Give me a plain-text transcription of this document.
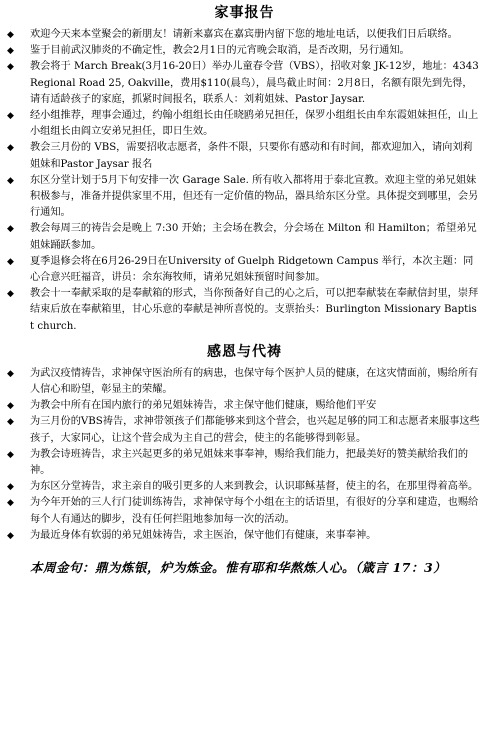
家事报告
◆ 欢迎今天来本堂聚会的新朋友！请新来嘉宾在嘉宾册内留下您的地址电话，以便我们日后联络。
◆ 鉴于目前武汉肺炎的不确定性，教会2月1日的元宵晚会取消，是否改期，另行通知。
◆ 教会将于 March Break(3月16-20日）举办儿童春令营（VBS），招收对象 JK-12岁，地址：4343 Regional Road 25, Oakville，费用$110(晨鸟），晨鸟截止时间：2月8日，名额有限先到先得，请有适龄孩子的家庭，抓紧时间报名，联系人：刘莉姐妹、Pastor Jaysar.
◆ 经小组推荐，理事会通过，约翰小组组长由任晓鸥弟兄担任，保罗小组组长由牟东霞姐妹担任，山上小组组长由阎立安弟兄担任，即日生效。
◆ 教会三月份的 VBS，需要招收志愿者，条件不限，只要你有感动和有时间，都欢迎加入，请向刘莉姐妹和Pastor Jaysar 报名
◆ 东区分堂计划于5月下旬安排一次 Garage Sale. 所有收入都将用于泰北宣教。欢迎主堂的弟兄姐妹积极参与，准备并提供家里不用，但还有一定价值的物品，器具给东区分堂。具体提交到哪里，会另行通知。
◆ 教会每周三的祷告会是晚上 7:30 开始；主会场在教会，分会场在 Milton 和 Hamilton；希望弟兄姐妹踊跃参加。
◆ 夏季退修会将在6月26-29日在University of Guelph Ridgetown Campus 举行，本次主题：同心合意兴旺福音，讲员：余东海牧师，请弟兄姐妹预留时间参加。
◆ 教会十一奉献采取的是奉献箱的形式，当你预备好自己的心之后，可以把奉献装在奉献信封里，崇拜结束后放在奉献箱里，甘心乐意的奉献是神所喜悦的。支票抬头：Burlington Missionary Baptist church.
感恩与代祷
◆ 为武汉疫情祷告，求神保守医治所有的病患，也保守每个医护人员的健康，在这灾情面前，赐给所有人信心和盼望，彰显主的荣耀。
◆ 为教会中所有在国内旅行的弟兄姐妹祷告，求主保守他们健康，赐给他们平安
◆ 为三月份的VBS祷告，求神带领孩子们都能够来到这个营会，也兴起足够的同工和志愿者来服事这些孩子，大家同心，让这个营会成为主自己的营会，使主的名能够得到彰显。
◆ 为教会诗班祷告，求主兴起更多的弟兄姐妹来事奉神，赐给我们能力，把最美好的赞美献给我们的神。
◆ 为东区分堂祷告，求主亲自的吸引更多的人来到教会，认识耶稣基督，使主的名，在那里得着高举。
◆ 为今年开始的三人行门徒训练祷告，求神保守每个小组在主的话语里，有很好的分享和建造，也赐给每个人有通达的脚步，没有任何拦阻地参加每一次的活动。
◆ 为最近身体有软弱的弟兄姐妹祷告，求主医治，保守他们有健康，来事奉神。
本周金句：鼎为炼银，炉为炼金。惟有耶和华熬炼人心。（箴言 17：3）
